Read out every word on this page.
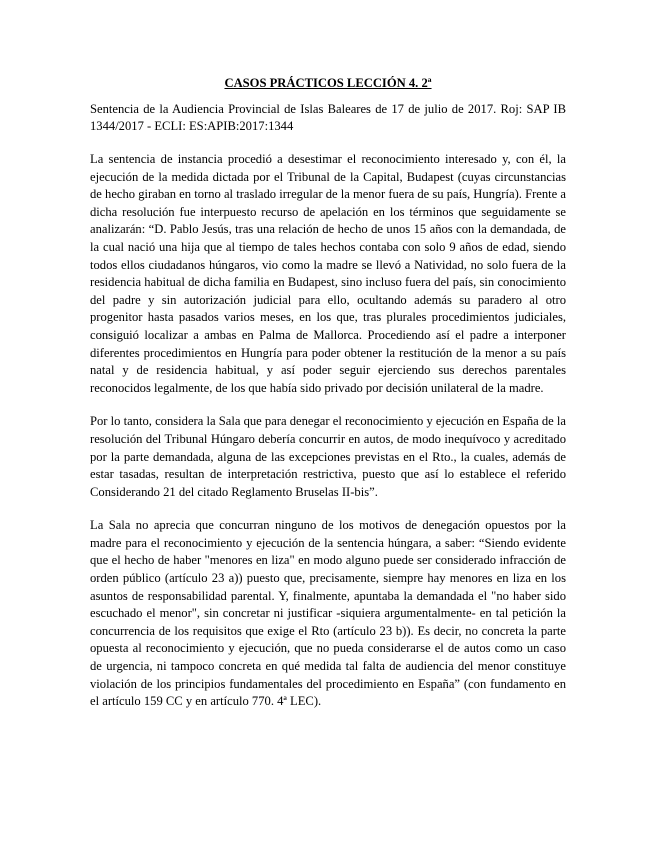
CASOS PRÁCTICOS LECCIÓN 4. 2ª
Sentencia de la Audiencia Provincial de Islas Baleares de 17 de julio de 2017. Roj: SAP IB 1344/2017 - ECLI: ES:APIB:2017:1344
La sentencia de instancia procedió a desestimar el reconocimiento interesado y, con él, la ejecución de la medida dictada por el Tribunal de la Capital, Budapest (cuyas circunstancias de hecho giraban en torno al traslado irregular de la menor fuera de su país, Hungría). Frente a dicha resolución fue interpuesto recurso de apelación en los términos que seguidamente se analizarán: “D. Pablo Jesús, tras una relación de hecho de unos 15 años con la demandada, de la cual nació una hija que al tiempo de tales hechos contaba con solo 9 años de edad, siendo todos ellos ciudadanos húngaros, vio como la madre se llevó a Natividad, no solo fuera de la residencia habitual de dicha familia en Budapest, sino incluso fuera del país, sin conocimiento del padre y sin autorización judicial para ello, ocultando además su paradero al otro progenitor hasta pasados varios meses, en los que, tras plurales procedimientos judiciales, consiguió localizar a ambas en Palma de Mallorca. Procediendo así el padre a interponer diferentes procedimientos en Hungría para poder obtener la restitución de la menor a su país natal y de residencia habitual, y así poder seguir ejerciendo sus derechos parentales reconocidos legalmente, de los que había sido privado por decisión unilateral de la madre.
Por lo tanto, considera la Sala que para denegar el reconocimiento y ejecución en España de la resolución del Tribunal Húngaro debería concurrir en autos, de modo inequívoco y acreditado por la parte demandada, alguna de las excepciones previstas en el Rto., la cuales, además de estar tasadas, resultan de interpretación restrictiva, puesto que así lo establece el referido Considerando 21 del citado Reglamento Bruselas II-bis”.
La Sala no aprecia que concurran ninguno de los motivos de denegación opuestos por la madre para el reconocimiento y ejecución de la sentencia húngara, a saber: “Siendo evidente que el hecho de haber "menores en liza" en modo alguno puede ser considerado infracción de orden público (artículo 23 a)) puesto que, precisamente, siempre hay menores en liza en los asuntos de responsabilidad parental. Y, finalmente, apuntaba la demandada el "no haber sido escuchado el menor", sin concretar ni justificar -siquiera argumentalmente- en tal petición la concurrencia de los requisitos que exige el Rto (artículo 23 b)). Es decir, no concreta la parte opuesta al reconocimiento y ejecución, que no pueda considerarse el de autos como un caso de urgencia, ni tampoco concreta en qué medida tal falta de audiencia del menor constituye violación de los principios fundamentales del procedimiento en España” (con fundamento en el artículo 159 CC y en artículo 770. 4ª LEC).
